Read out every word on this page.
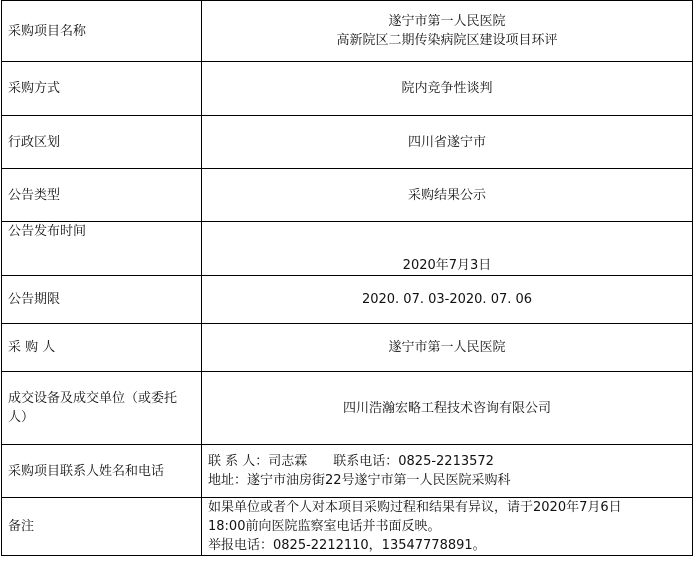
采购项目名称	遂宁市第一人民医院
高新院区二期传染病院区建设项目环评

采购方式	院内竞争性谈判
行政区划	四川省遂宁市
公告类型	采购结果公示
公告发布时间	2020年7月3日
公告期限	2020. 07. 03-2020. 07. 06
采 购 人	遂宁市第一人民医院

成交设备及成交单位（或委托
人）	四川浩瀚宏略工程技术咨询有限公司
采购项目联系人姓名和电话	联 系 人：司志霖　　联系电话：0825-2213572
地址：遂宁市油房街22号遂宁市第一人民医院采购科

备注	如果单位或者个人对本项目采购过程和结果有异议，请于2020年7月6日
18:00前向医院监察室电话并书面反映。
举报电话：0825-2212110，13547778891。
